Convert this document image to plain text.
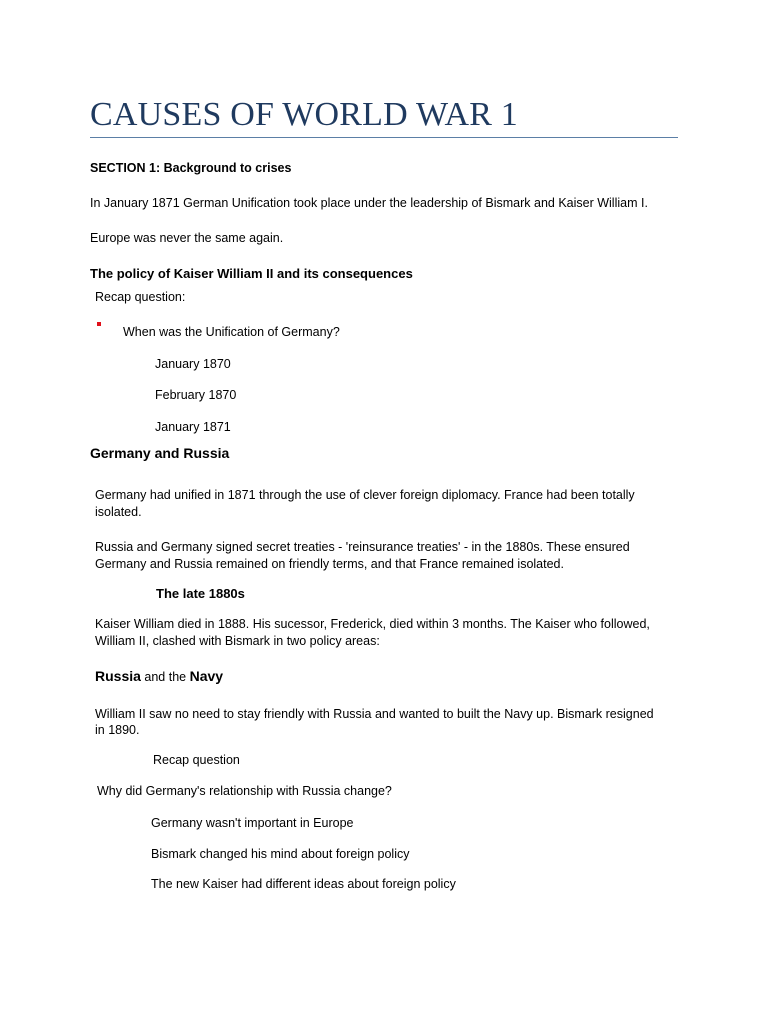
CAUSES OF WORLD WAR 1
SECTION 1: Background to crises
In January 1871 German Unification took place under the leadership of Bismark and Kaiser William I.
Europe was never the same again.
The policy of Kaiser William II and its consequences
Recap question:
When was the Unification of Germany?
January 1870
February 1870
January 1871
Germany and Russia
Germany had unified in 1871 through the use of clever foreign diplomacy. France had been totally
isolated.
Russia and Germany signed secret treaties - 'reinsurance treaties' - in the 1880s. These ensured
Germany and Russia remained on friendly terms, and that France remained isolated.
The late 1880s
Kaiser William died in 1888. His sucessor, Frederick, died within 3 months. The Kaiser who followed,
William II, clashed with Bismark in two policy areas:
Russia and the Navy
William II saw no need to stay friendly with Russia and wanted to built the Navy up. Bismark resigned
in 1890.
Recap question
Why did Germany's relationship with Russia change?
Germany wasn't important in Europe
Bismark changed his mind about foreign policy
The new Kaiser had different ideas about foreign policy
